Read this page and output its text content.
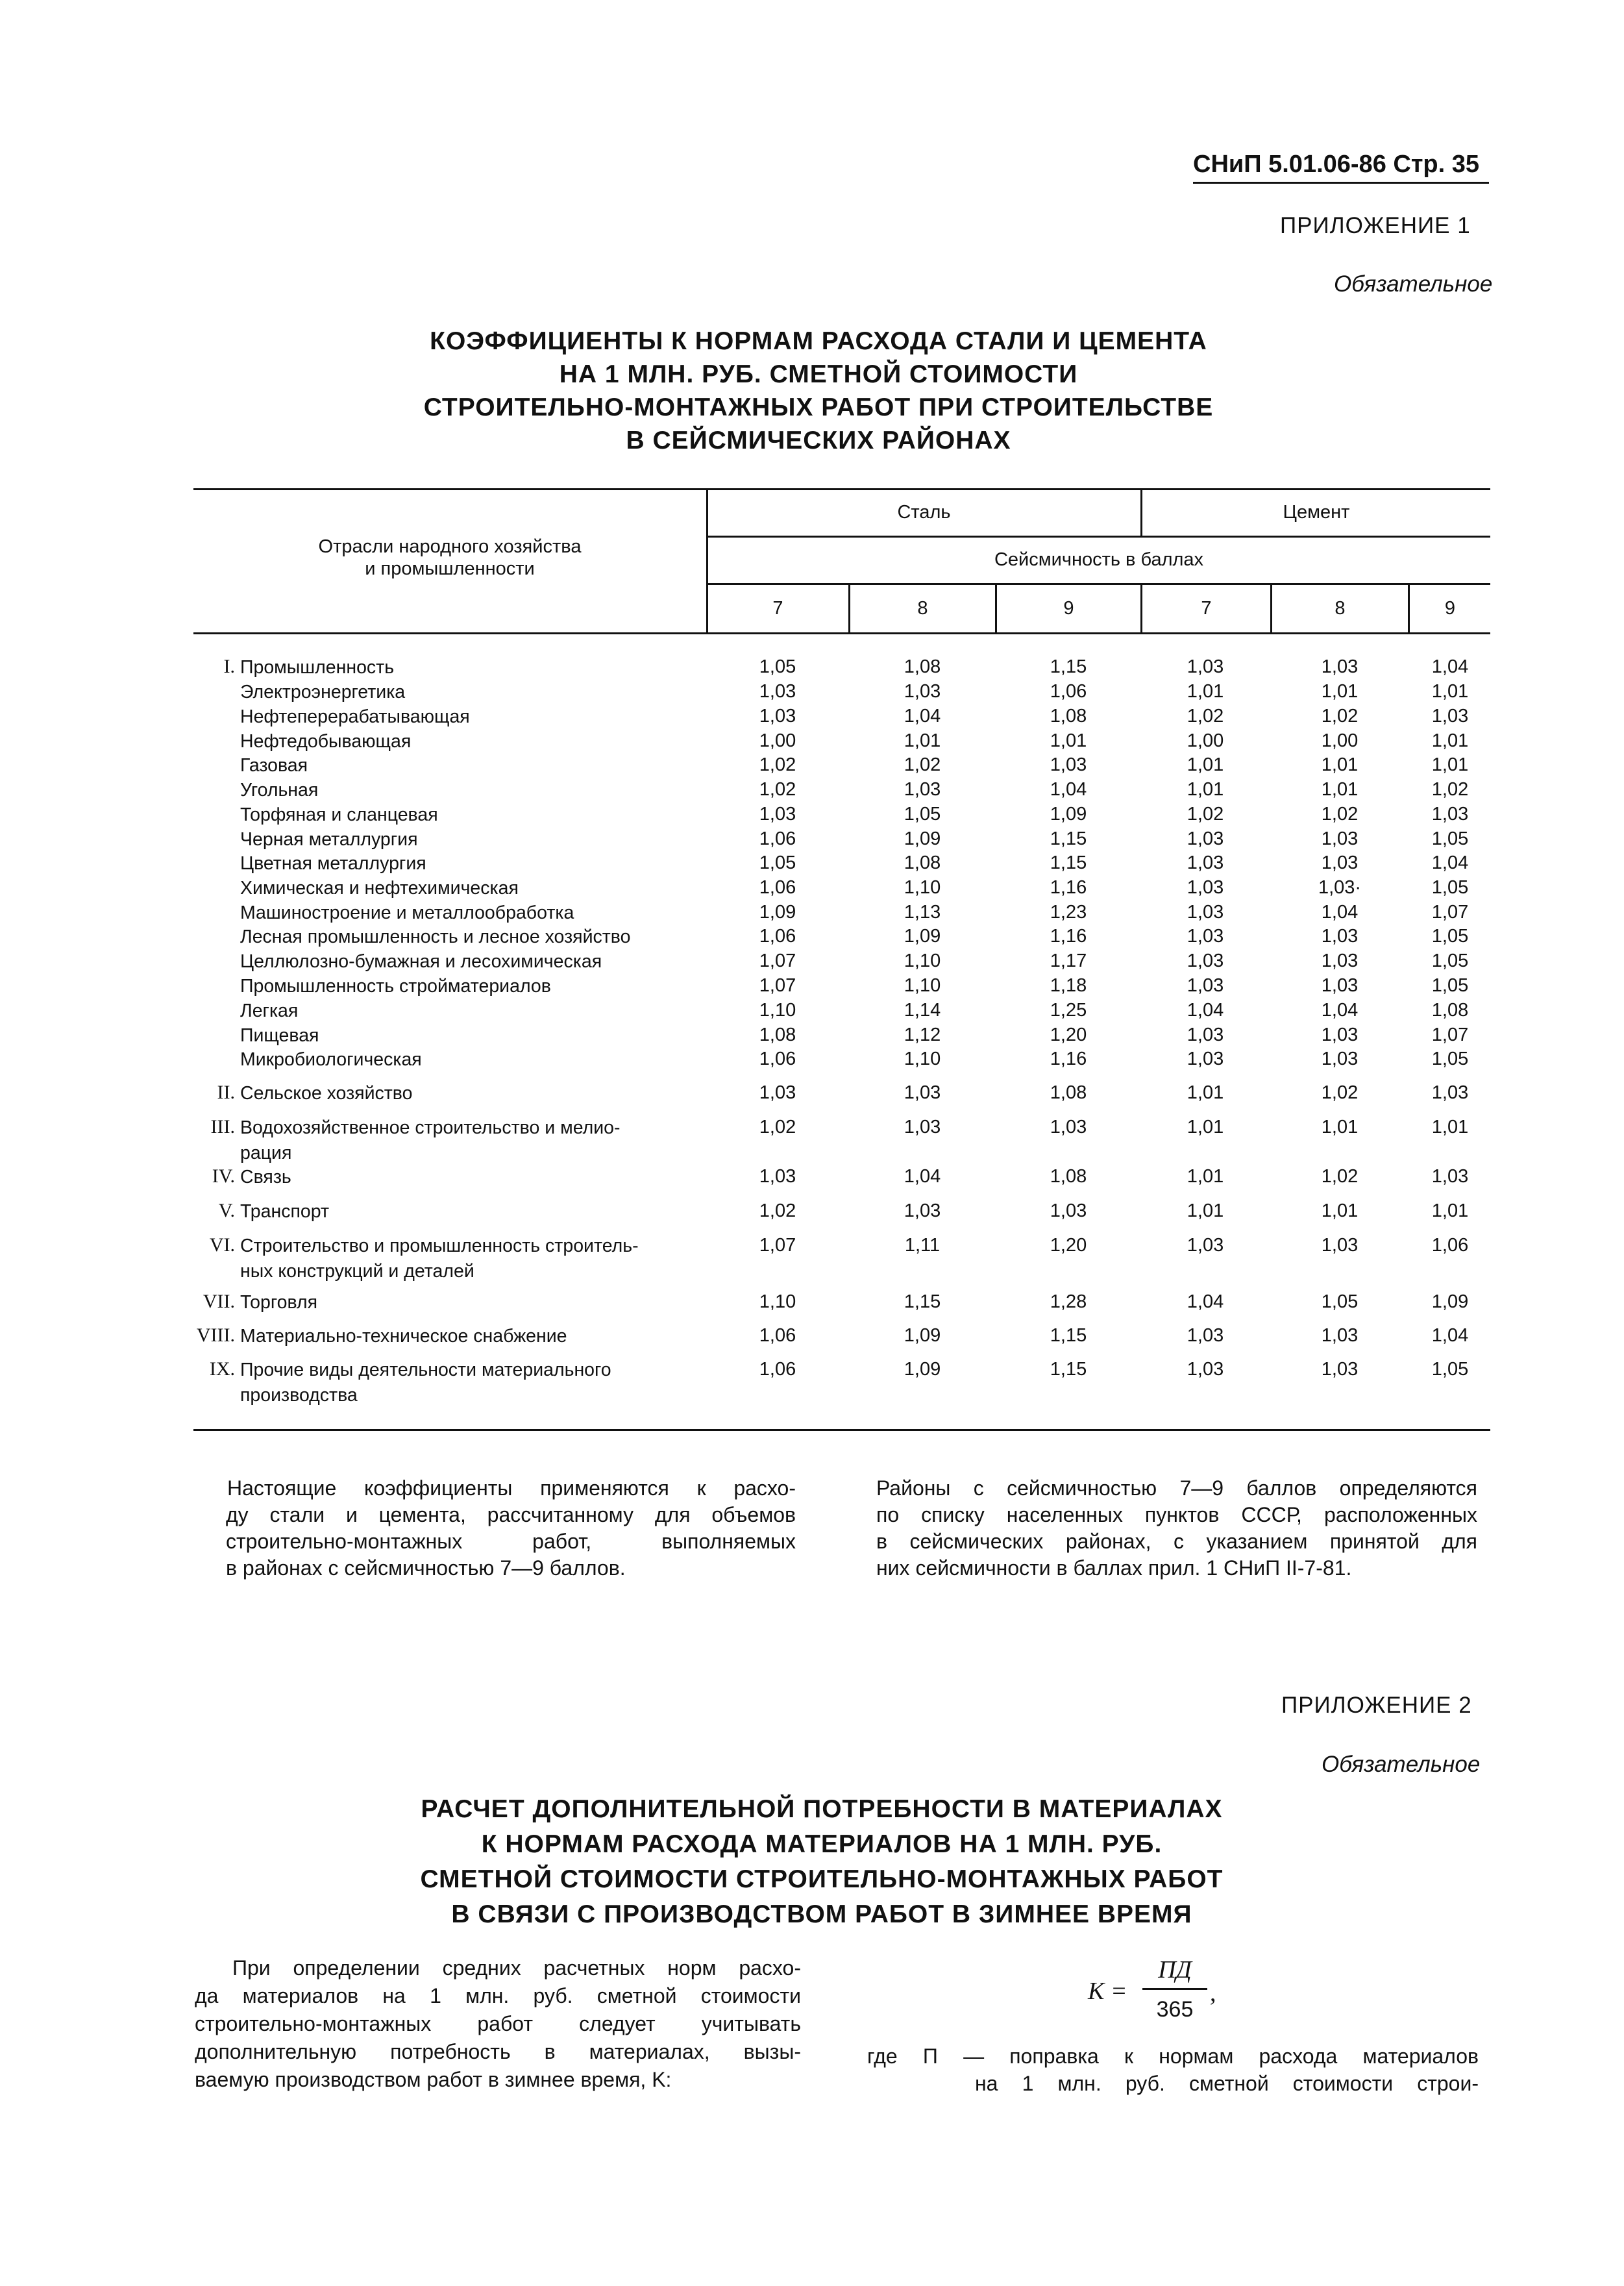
СНиП 5.01.06-86 Стр. 35
ПРИЛОЖЕНИЕ 1
Обязательное
КОЭФФИЦИЕНТЫ К НОРМАМ РАСХОДА СТАЛИ И ЦЕМЕНТА
НА 1 МЛН. РУБ. СМЕТНОЙ СТОИМОСТИ
СТРОИТЕЛЬНО-МОНТАЖНЫХ РАБОТ ПРИ СТРОИТЕЛЬСТВЕ
В СЕЙСМИЧЕСКИХ РАЙОНАХ
Отрасли народного хозяйства
и промышленности
Сталь	Цемент
Сейсмичность в баллах
7	8	9	7	8	9
I. Промышленность	1,05	1,08	1,15	1,03	1,03	1,04
Электроэнергетика	1,03	1,03	1,06	1,01	1,01	1,01
Нефтеперерабатывающая	1,03	1,04	1,08	1,02	1,02	1,03
Нефтедобывающая	1,00	1,01	1,01	1,00	1,00	1,01
Газовая	1,02	1,02	1,03	1,01	1,01	1,01
Угольная	1,02	1,03	1,04	1,01	1,01	1,02
Торфяная и сланцевая	1,03	1,05	1,09	1,02	1,02	1,03
Черная металлургия	1,06	1,09	1,15	1,03	1,03	1,05
Цветная металлургия	1,05	1,08	1,15	1,03	1,03	1,04
Химическая и нефтехимическая	1,06	1,10	1,16	1,03	1,03·	1,05
Машиностроение и металлообработка	1,09	1,13	1,23	1,03	1,04	1,07
Лесная промышленность и лесное хозяйство	1,06	1,09	1,16	1,03	1,03	1,05
Целлюлозно-бумажная и лесохимическая	1,07	1,10	1,17	1,03	1,03	1,05
Промышленность стройматериалов	1,07	1,10	1,18	1,03	1,03	1,05
Легкая	1,10	1,14	1,25	1,04	1,04	1,08
Пищевая	1,08	1,12	1,20	1,03	1,03	1,07
Микробиологическая	1,06	1,10	1,16	1,03	1,03	1,05
II. Сельское хозяйство	1,03	1,03	1,08	1,01	1,02	1,03
III. Водохозяйственное строительство и мелио-
рация
1,02	1,03	1,03	1,01	1,01	1,01
IV. Связь	1,03	1,04	1,08	1,01	1,02	1,03
V. Транспорт	1,02	1,03	1,03	1,01	1,01	1,01
VI. Строительство и промышленность строитель-
ных конструкций и деталей
1,07	1,11	1,20	1,03	1,03	1,06
VII. Торговля	1,10	1,15	1,28	1,04	1,05	1,09
VIII. Материально-техническое снабжение	1,06	1,09	1,15	1,03	1,03	1,04
IX. Прочие виды деятельности материального
производства
1,06	1,09	1,15	1,03	1,03	1,05
Настоящие коэффициенты применяются к расхо-
ду стали и цемента, рассчитанному для объемов
строительно-монтажных работ, выполняемых
в районах с сейсмичностью 7—9 баллов.
Районы с сейсмичностью 7—9 баллов определяются
по списку населенных пунктов СССР, расположенных
в сейсмических районах, с указанием принятой для
них сейсмичности в баллах прил. 1 СНиП II-7-81.
ПРИЛОЖЕНИЕ 2
Обязательное
РАСЧЕТ ДОПОЛНИТЕЛЬНОЙ ПОТРЕБНОСТИ В МАТЕРИАЛАХ
К НОРМАМ РАСХОДА МАТЕРИАЛОВ НА 1 МЛН. РУБ.
СМЕТНОЙ СТОИМОСТИ СТРОИТЕЛЬНО-МОНТАЖНЫХ РАБОТ
В СВЯЗИ С ПРОИЗВОДСТВОМ РАБОТ В ЗИМНЕЕ ВРЕМЯ
При определении средних расчетных норм расхо-
да материалов на 1 млн. руб. сметной стоимости
строительно-монтажных работ следует учитывать
дополнительную потребность в материалах, вызы-
ваемую производством работ в зимнее время, K:
K =
ПД
365
,
где П — поправка к нормам расхода материалов
на 1 млн. руб. сметной стоимости строи-
